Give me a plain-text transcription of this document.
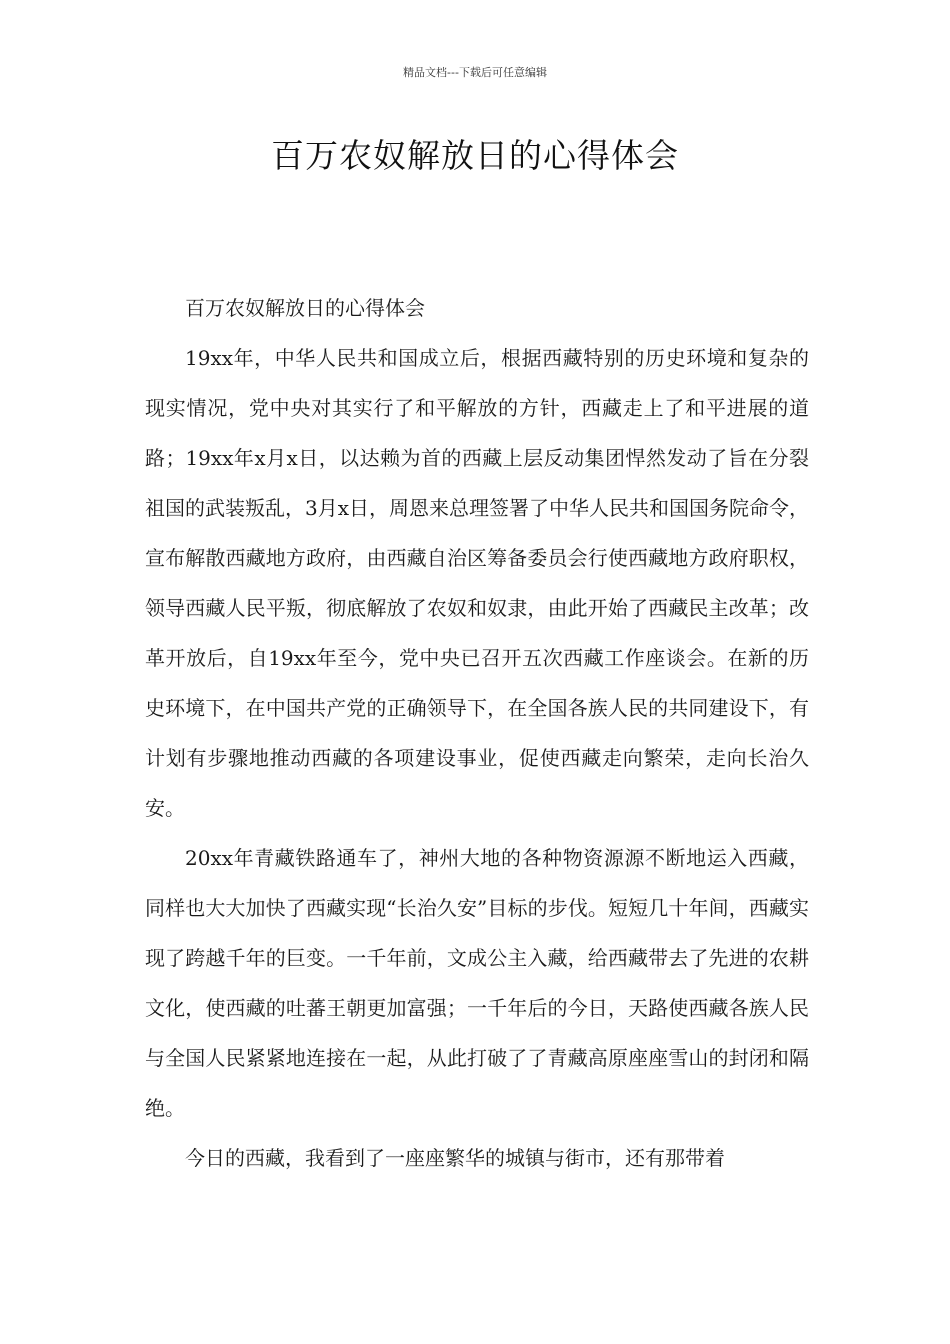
精品文档---下载后可任意编辑
百万农奴解放日的心得体会

百万农奴解放日的心得体会

19xx年，中华人民共和国成立后，根据西藏特别的历史环境和复杂的现实情况，党中央对其实行了和平解放的方针，西藏走上了和平进展的道路；19xx年x月x日，以达赖为首的西藏上层反动集团悍然发动了旨在分裂祖国的武装叛乱，3月x日，周恩来总理签署了中华人民共和国国务院命令，宣布解散西藏地方政府，由西藏自治区筹备委员会行使西藏地方政府职权，领导西藏人民平叛，彻底解放了农奴和奴隶，由此开始了西藏民主改革；改革开放后，自19xx年至今，党中央已召开五次西藏工作座谈会。在新的历史环境下，在中国共产党的正确领导下，在全国各族人民的共同建设下，有计划有步骤地推动西藏的各项建设事业，促使西藏走向繁荣，走向长治久安。

20xx年青藏铁路通车了，神州大地的各种物资源源不断地运入西藏，同样也大大加快了西藏实现“长治久安”目标的步伐。短短几十年间，西藏实现了跨越千年的巨变。一千年前，文成公主入藏，给西藏带去了先进的农耕文化，使西藏的吐蕃王朝更加富强；一千年后的今日，天路使西藏各族人民与全国人民紧紧地连接在一起，从此打破了了青藏高原座座雪山的封闭和隔绝。

今日的西藏，我看到了一座座繁华的城镇与街市，还有那带着
